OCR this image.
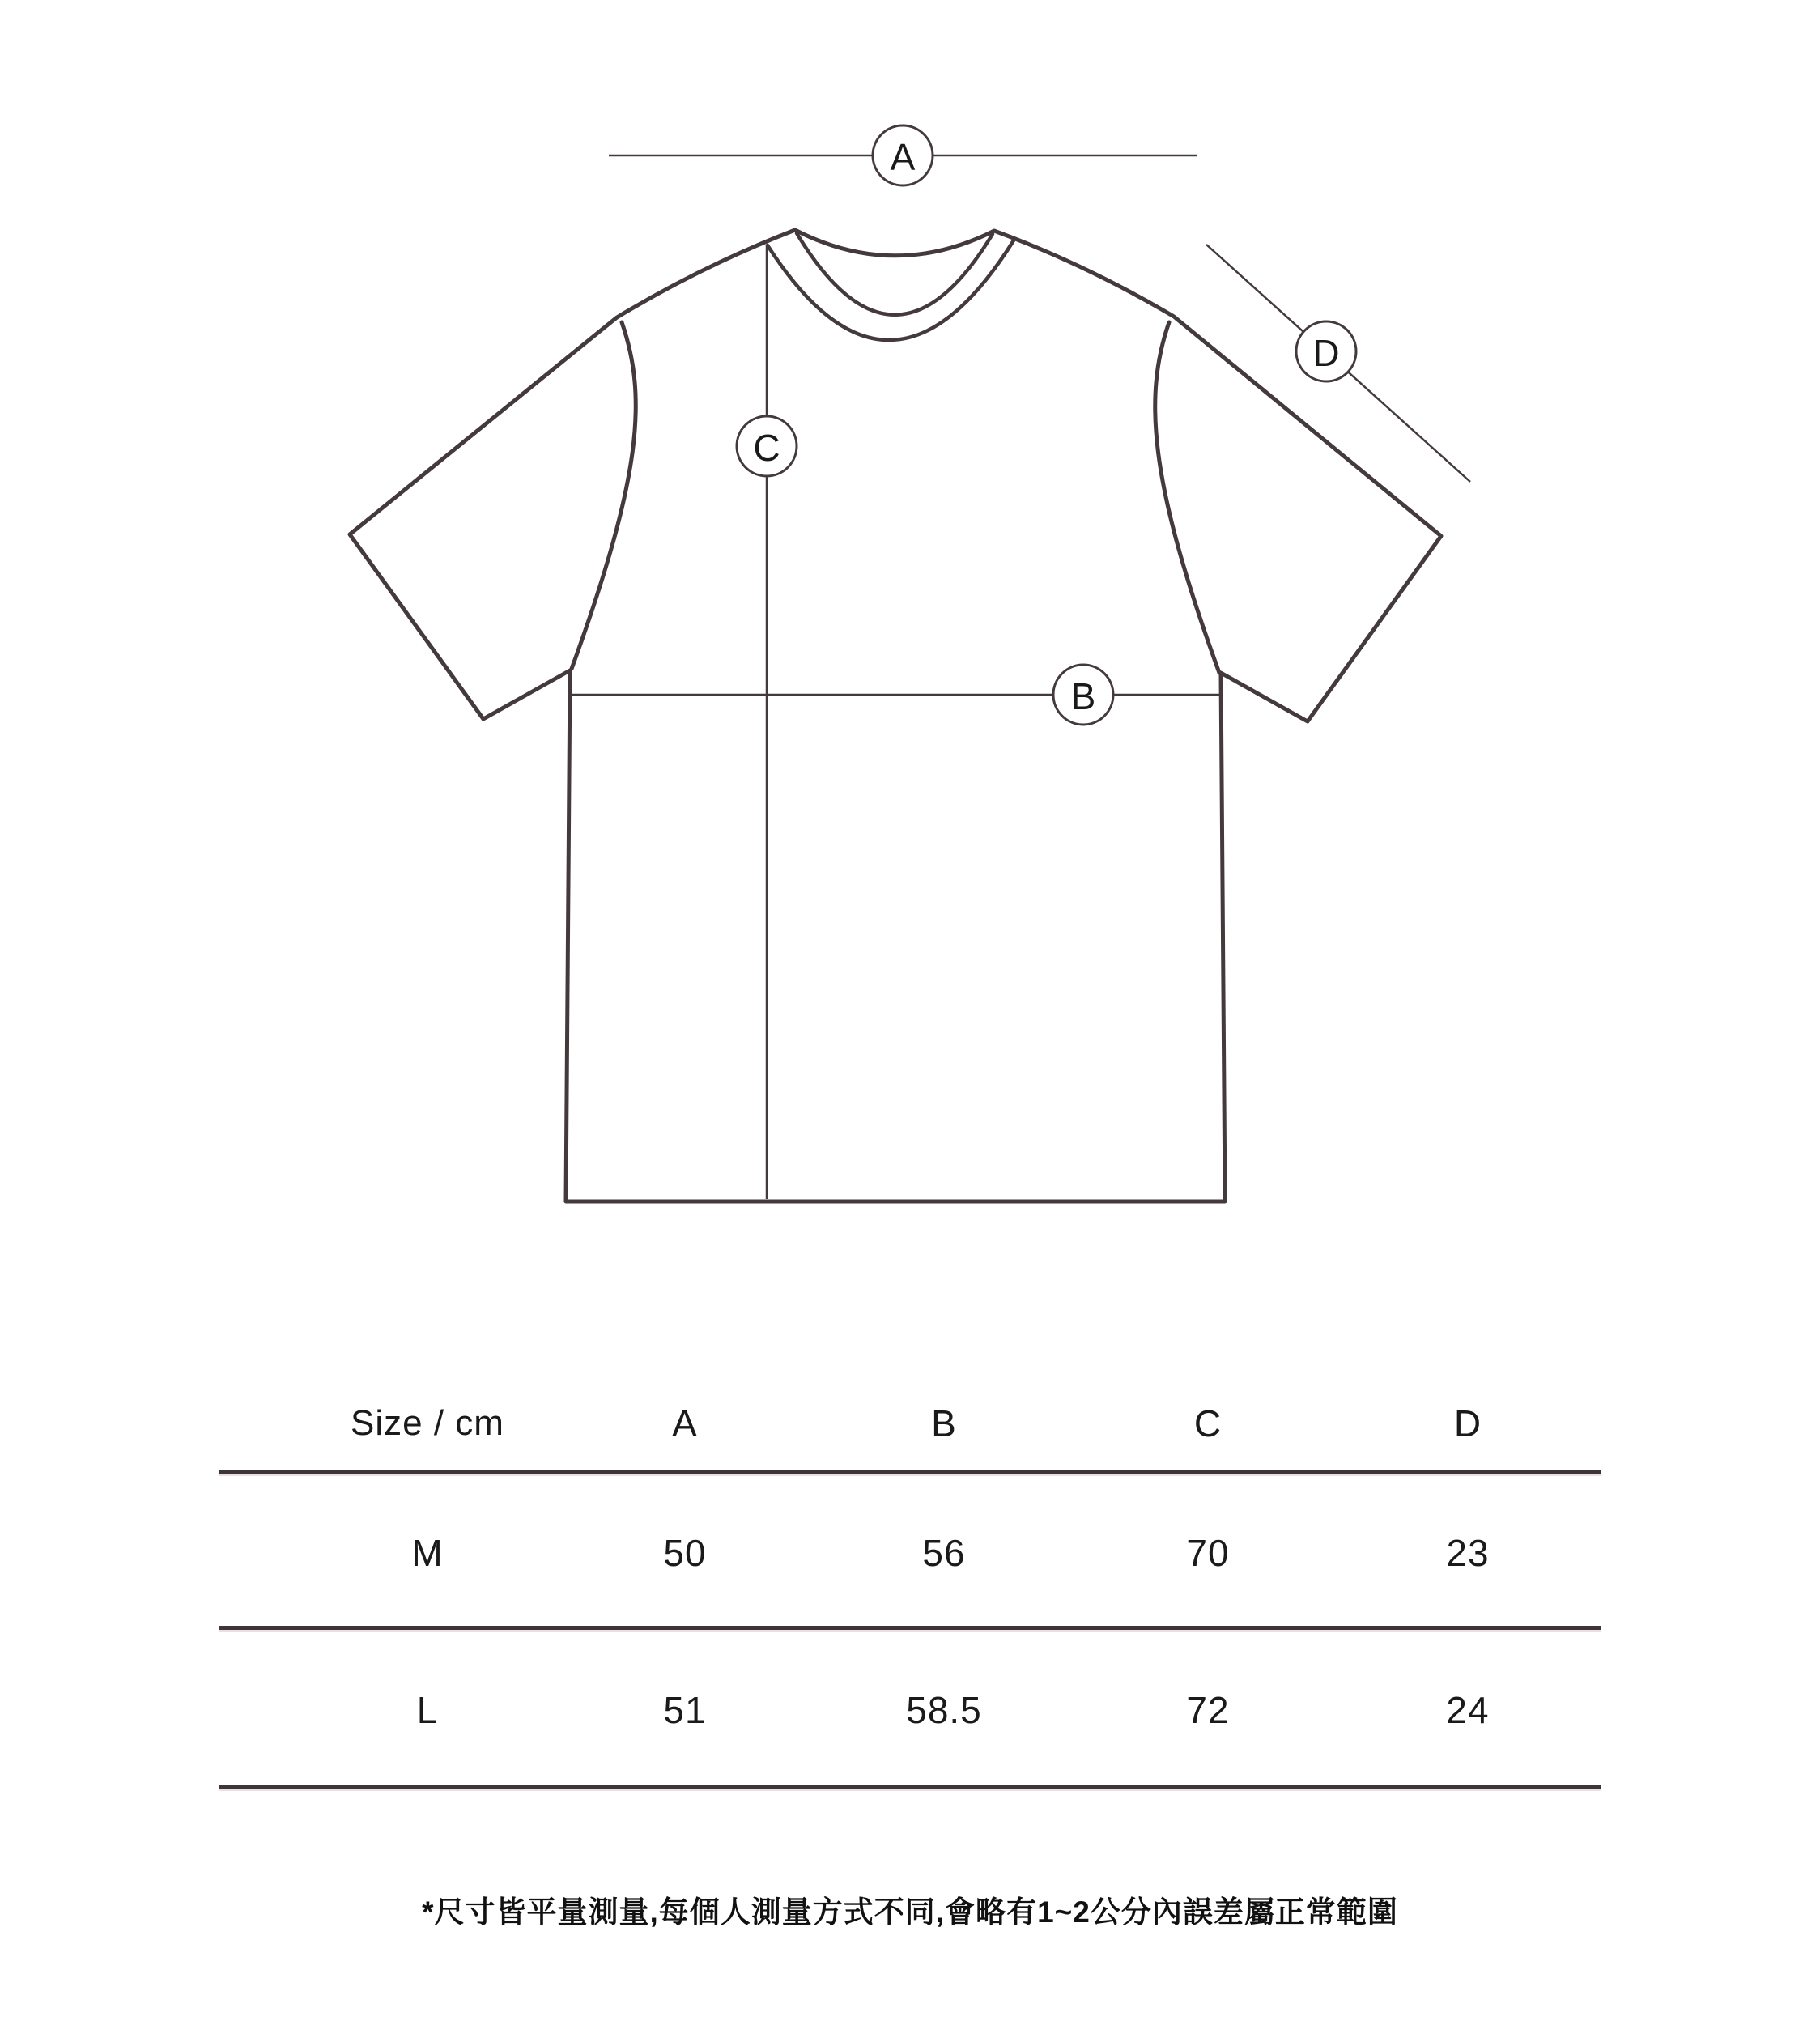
A
D
C
B
Size / cm	A	B	C	D
M	50	56	70	23
L	51	58.5	72	24
*尺寸皆平量測量,每個人測量方式不同,會略有1~2公分內誤差屬正常範圍
